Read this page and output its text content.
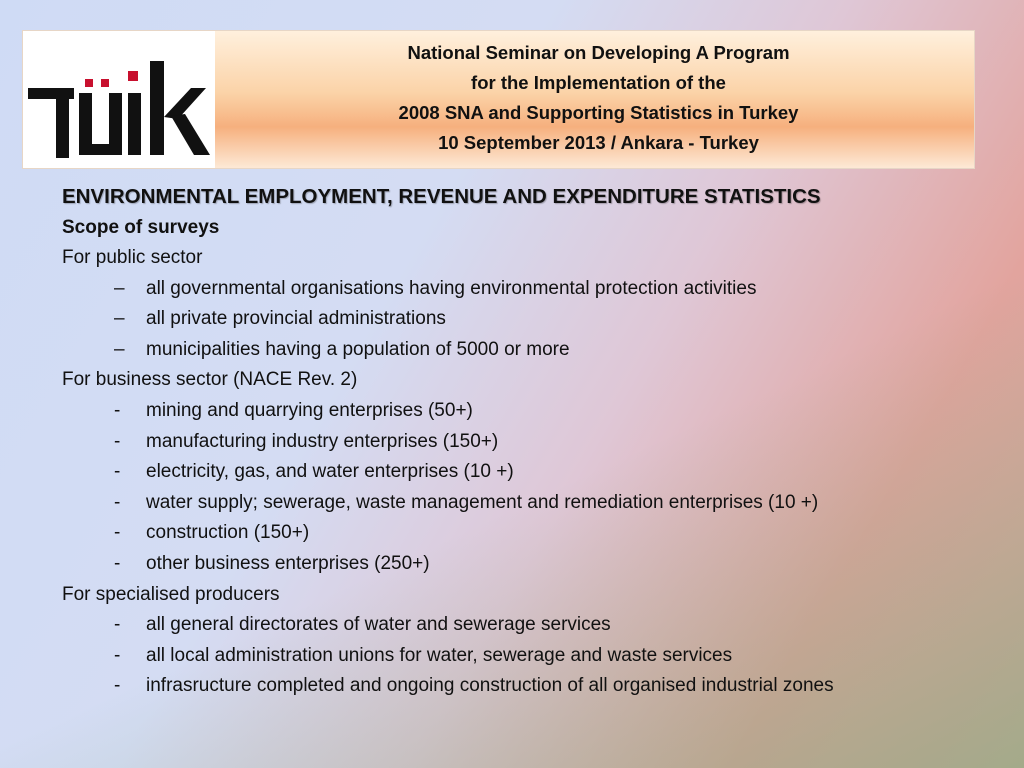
National Seminar on Developing A Program
for the Implementation of the
2008 SNA and Supporting Statistics in Turkey
10 September 2013 / Ankara - Turkey
ENVIRONMENTAL EMPLOYMENT, REVENUE AND EXPENDITURE STATISTICS
Scope of surveys
For public sector
– all governmental organisations having environmental protection activities
– all private provincial administrations
– municipalities having a population of 5000 or more
For business sector (NACE Rev. 2)
- mining and quarrying enterprises (50+)
- manufacturing industry enterprises (150+)
- electricity, gas, and water enterprises (10 +)
- water supply; sewerage, waste management and remediation enterprises (10 +)
- construction (150+)
- other business enterprises (250+)
For specialised producers
- all general directorates of water and sewerage services
- all local administration unions for water, sewerage and waste services
- infrasructure completed and ongoing construction of all organised industrial zones
